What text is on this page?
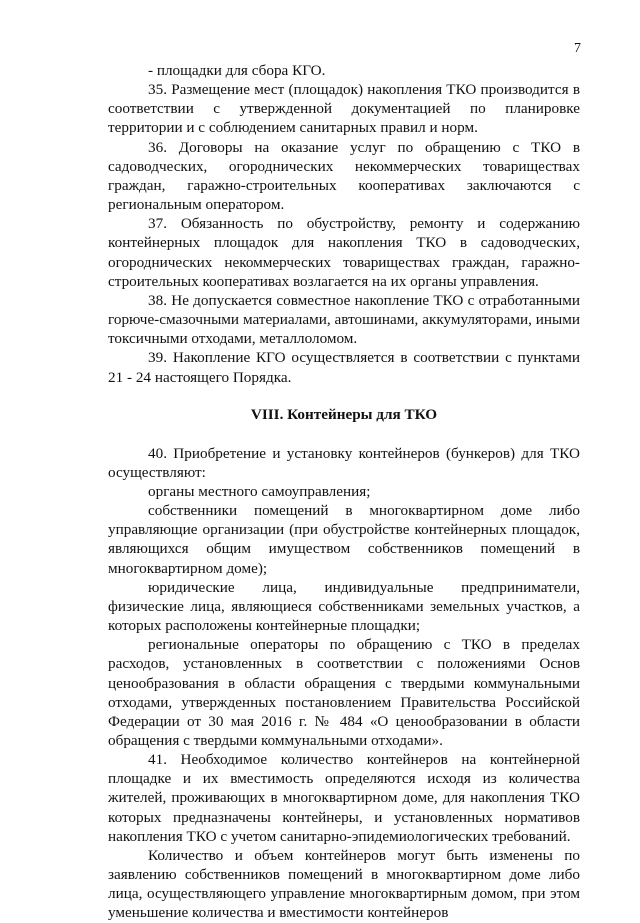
7

- площадки для сбора КГО.

35. Размещение мест (площадок) накопления ТКО производится в соответствии с утвержденной документацией по планировке территории и с соблюдением санитарных правил и норм.

36. Договоры на оказание услуг по обращению с ТКО в садоводческих, огороднических некоммерческих товариществах граждан, гаражно-строительных кооперативах заключаются с региональным оператором.

37. Обязанность по обустройству, ремонту и содержанию контейнерных площадок для накопления ТКО в садоводческих, огороднических некоммерческих товариществах граждан, гаражно-строительных кооперативах возлагается на их органы управления.

38. Не допускается совместное накопление ТКО с отработанными горюче-смазочными материалами, автошинами, аккумуляторами, иными токсичными отходами, металлоломом.

39. Накопление КГО осуществляется в соответствии с пунктами 21 - 24 настоящего Порядка.

VIII. Контейнеры для ТКО

40. Приобретение и установку контейнеров (бункеров) для ТКО осуществляют:

органы местного самоуправления;

собственники помещений в многоквартирном доме либо управляющие организации (при обустройстве контейнерных площадок, являющихся общим имуществом собственников помещений в многоквартирном доме);

юридические лица, индивидуальные предприниматели, физические лица, являющиеся собственниками земельных участков, а которых расположены контейнерные площадки;

региональные операторы по обращению с ТКО в пределах расходов, установленных в соответствии с положениями Основ ценообразования в области обращения с твердыми коммунальными отходами, утвержденных постановлением Правительства Российской Федерации от 30 мая 2016 г. № 484 «О ценообразовании в области обращения с твердыми коммунальными отходами».

41. Необходимое количество контейнеров на контейнерной площадке и их вместимость определяются исходя из количества жителей, проживающих в многоквартирном доме, для накопления ТКО которых предназначены контейнеры, и установленных нормативов накопления ТКО с учетом санитарно-эпидемиологических требований.

Количество и объем контейнеров могут быть изменены по заявлению собственников помещений в многоквартирном доме либо лица, осуществляющего управление многоквартирным домом, при этом уменьшение количества и вместимости контейнеров
